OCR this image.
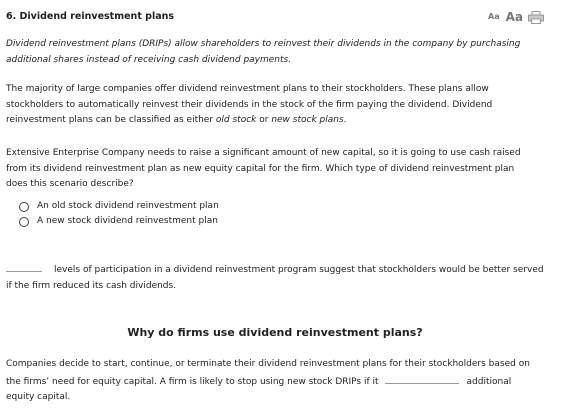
6. Dividend reinvestment plans	Aa Aa
Dividend reinvestment plans (DRIPs) allow shareholders to reinvest their dividends in the company by purchasing
additional shares instead of receiving cash dividend payments.
The majority of large companies offer dividend reinvestment plans to their stockholders. These plans allow
stockholders to automatically reinvest their dividends in the stock of the firm paying the dividend. Dividend
reinvestment plans can be classified as either old stock or new stock plans.
Extensive Enterprise Company needs to raise a significant amount of new capital, so it is going to use cash raised
from its dividend reinvestment plan as new equity capital for the firm. Which type of dividend reinvestment plan
does this scenario describe?
An old stock dividend reinvestment plan
A new stock dividend reinvestment plan
levels of participation in a dividend reinvestment program suggest that stockholders would be better served
if the firm reduced its cash dividends.
Why do firms use dividend reinvestment plans?
Companies decide to start, continue, or terminate their dividend reinvestment plans for their stockholders based on
the firms’ need for equity capital. A firm is likely to stop using new stock DRIPs if it	additional
equity capital.
